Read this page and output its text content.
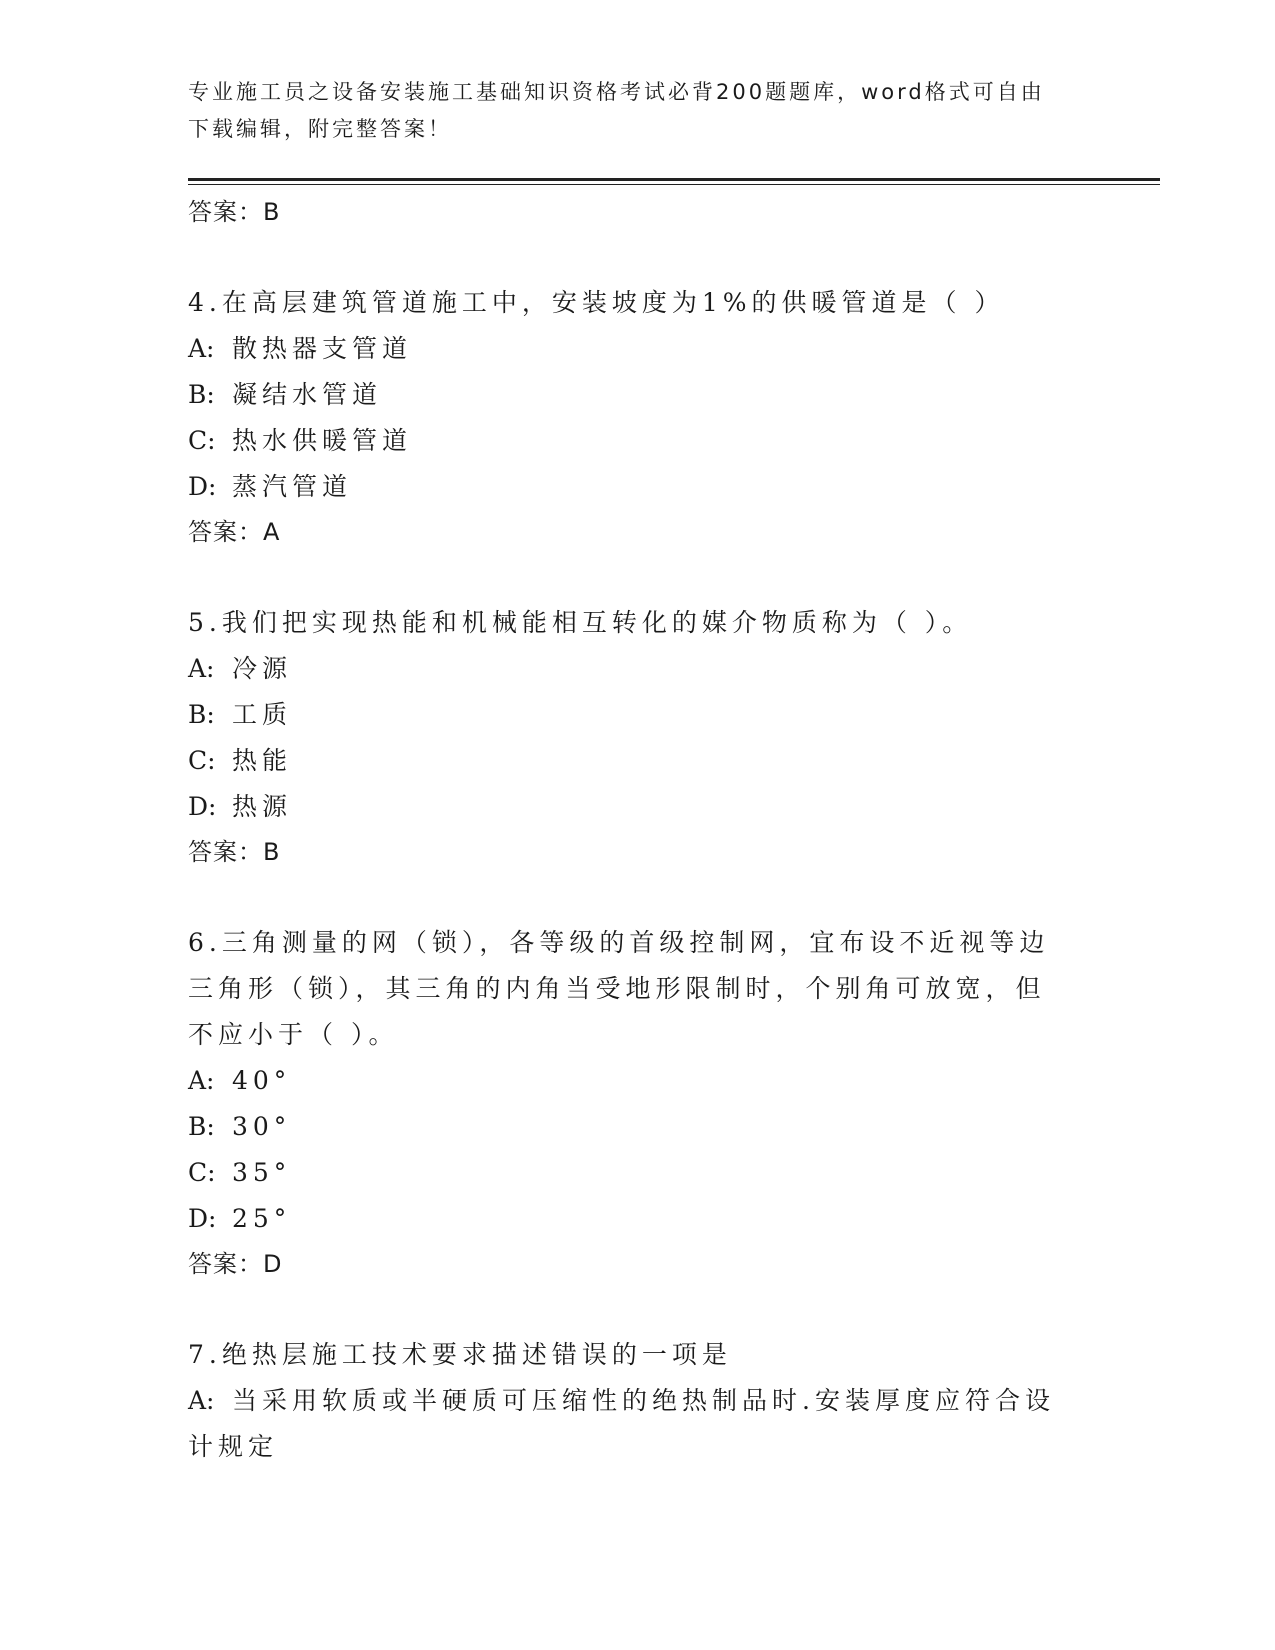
专业施工员之设备安装施工基础知识资格考试必背200题题库，word格式可自由下载编辑，附完整答案！
答案：B
4.在高层建筑管道施工中，安装坡度为1%的供暖管道是（ ）
A: 散热器支管道
B: 凝结水管道
C: 热水供暖管道
D: 蒸汽管道
答案：A
5.我们把实现热能和机械能相互转化的媒介物质称为（ ）。
A: 冷源
B: 工质
C: 热能
D: 热源
答案：B
6.三角测量的网（锁），各等级的首级控制网，宜布设不近视等边三角形（锁），其三角的内角当受地形限制时，个别角可放宽，但不应小于（ ）。
A: 40°
B: 30°
C: 35°
D: 25°
答案：D
7.绝热层施工技术要求描述错误的一项是
A: 当采用软质或半硬质可压缩性的绝热制品时.安装厚度应符合设计规定
